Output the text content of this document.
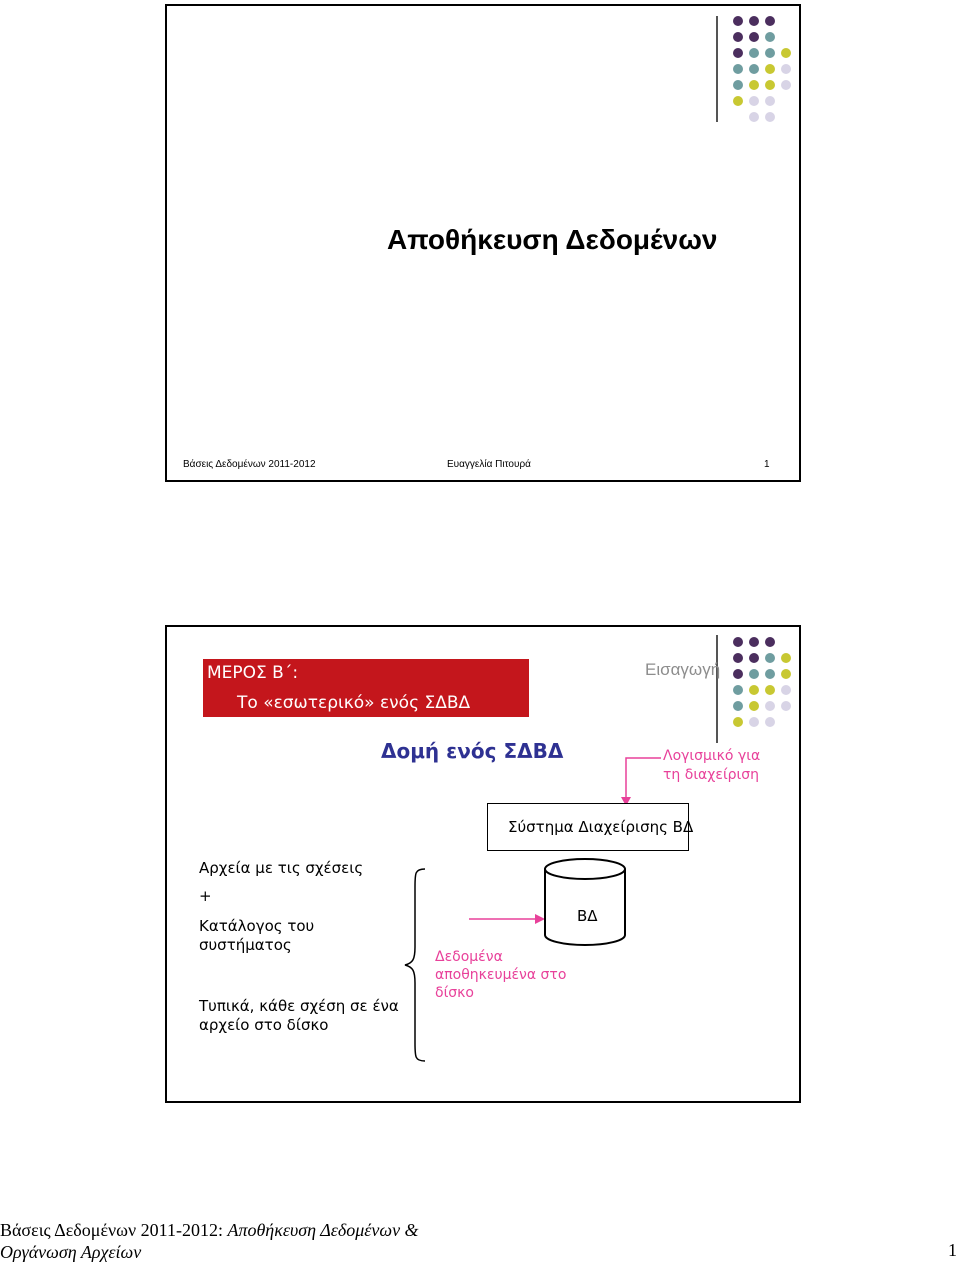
Αποθήκευση Δεδομένων
Βάσεις Δεδομένων 2011-2012	Ευαγγελία Πιτουρά	1
ΜΕΡΟΣ Β΄:
Το «εσωτερικό» ενός ΣΔΒΔ
Εισαγωγή
Δομή ενός ΣΔΒΔ	Λογισμικό για
τη διαχείριση
Σύστημα Διαχείρισης ΒΔ
Αρχεία με τις σχέσεις
+
Κατάλογος του
συστήματος
Τυπικά, κάθε σχέση σε ένα
αρχείο στο δίσκο
Δεδομένα
αποθηκευμένα στο
δίσκο
ΒΔ
Βάσεις Δεδομένων 2011-2012: Αποθήκευση Δεδομένων &
Οργάνωση Αρχείων	1
